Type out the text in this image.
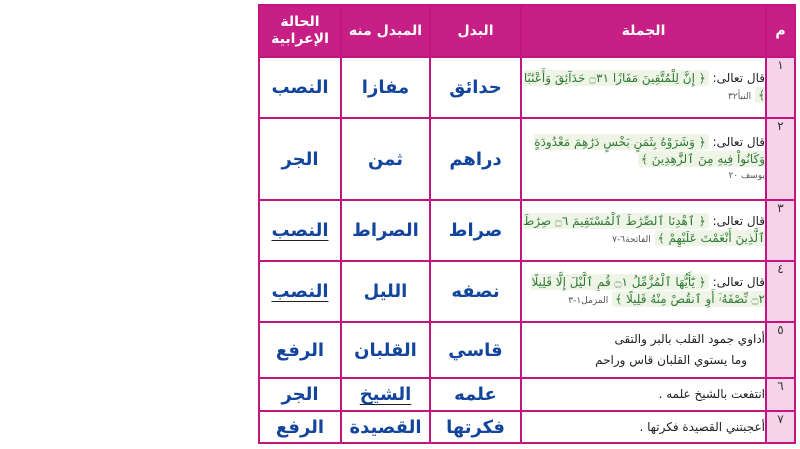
م	الجملة	البدل	المبدل منه	الحالة
الإعرابية
١	قال تعالى: ﴿ إِنَّ لِلْمُتَّقِينَ مَفَازًا ۝٣١ حَدَآئِقَ وَأَعْنَٰبًا ﴾ النبأ٣٢	حدائق	مفازا	النصب
٢	قال تعالى: ﴿ وَشَرَوْهُ بِثَمَنٍ بَخْسٍ دَرَٰهِمَ مَعْدُودَةٍ وَكَانُواْ فِيهِ مِنَ ٱلزَّٰهِدِينَ ﴾
يوسف ٢٠	دراهم	ثمن	الجر
٣	قال تعالى: ﴿ ٱهْدِنَا ٱلصِّرَٰطَ ٱلْمُسْتَقِيمَ ۝٦ صِرَٰطَ ٱلَّذِينَ أَنْعَمْتَ عَلَيْهِمْ ﴾ الفاتحة٦-٧	صراط	الصراط	النصب
٤	قال تعالى: ﴿ يَٰٓأَيُّهَا ٱلْمُزَّمِّلُ ۝١ قُمِ ٱلَّيْلَ إِلَّا قَلِيلًا ۝٢ نِّصْفَهُۥٓ أَوِ ٱنقُصْ مِنْهُ قَلِيلًا ﴾ المزمل١-٣	نصفه	الليل	النصب
٥	أداوي جمود القلب بالبر والتقى
وما يستوي القلبان قاس وراحم	قاسي	القلبان	الرفع
٦	انتفعت بالشيخ علمه .	علمه	الشيخ	الجر
٧	أعجبتني القصيدة فكرتها .	فكرتها	القصيدة	الرفع
